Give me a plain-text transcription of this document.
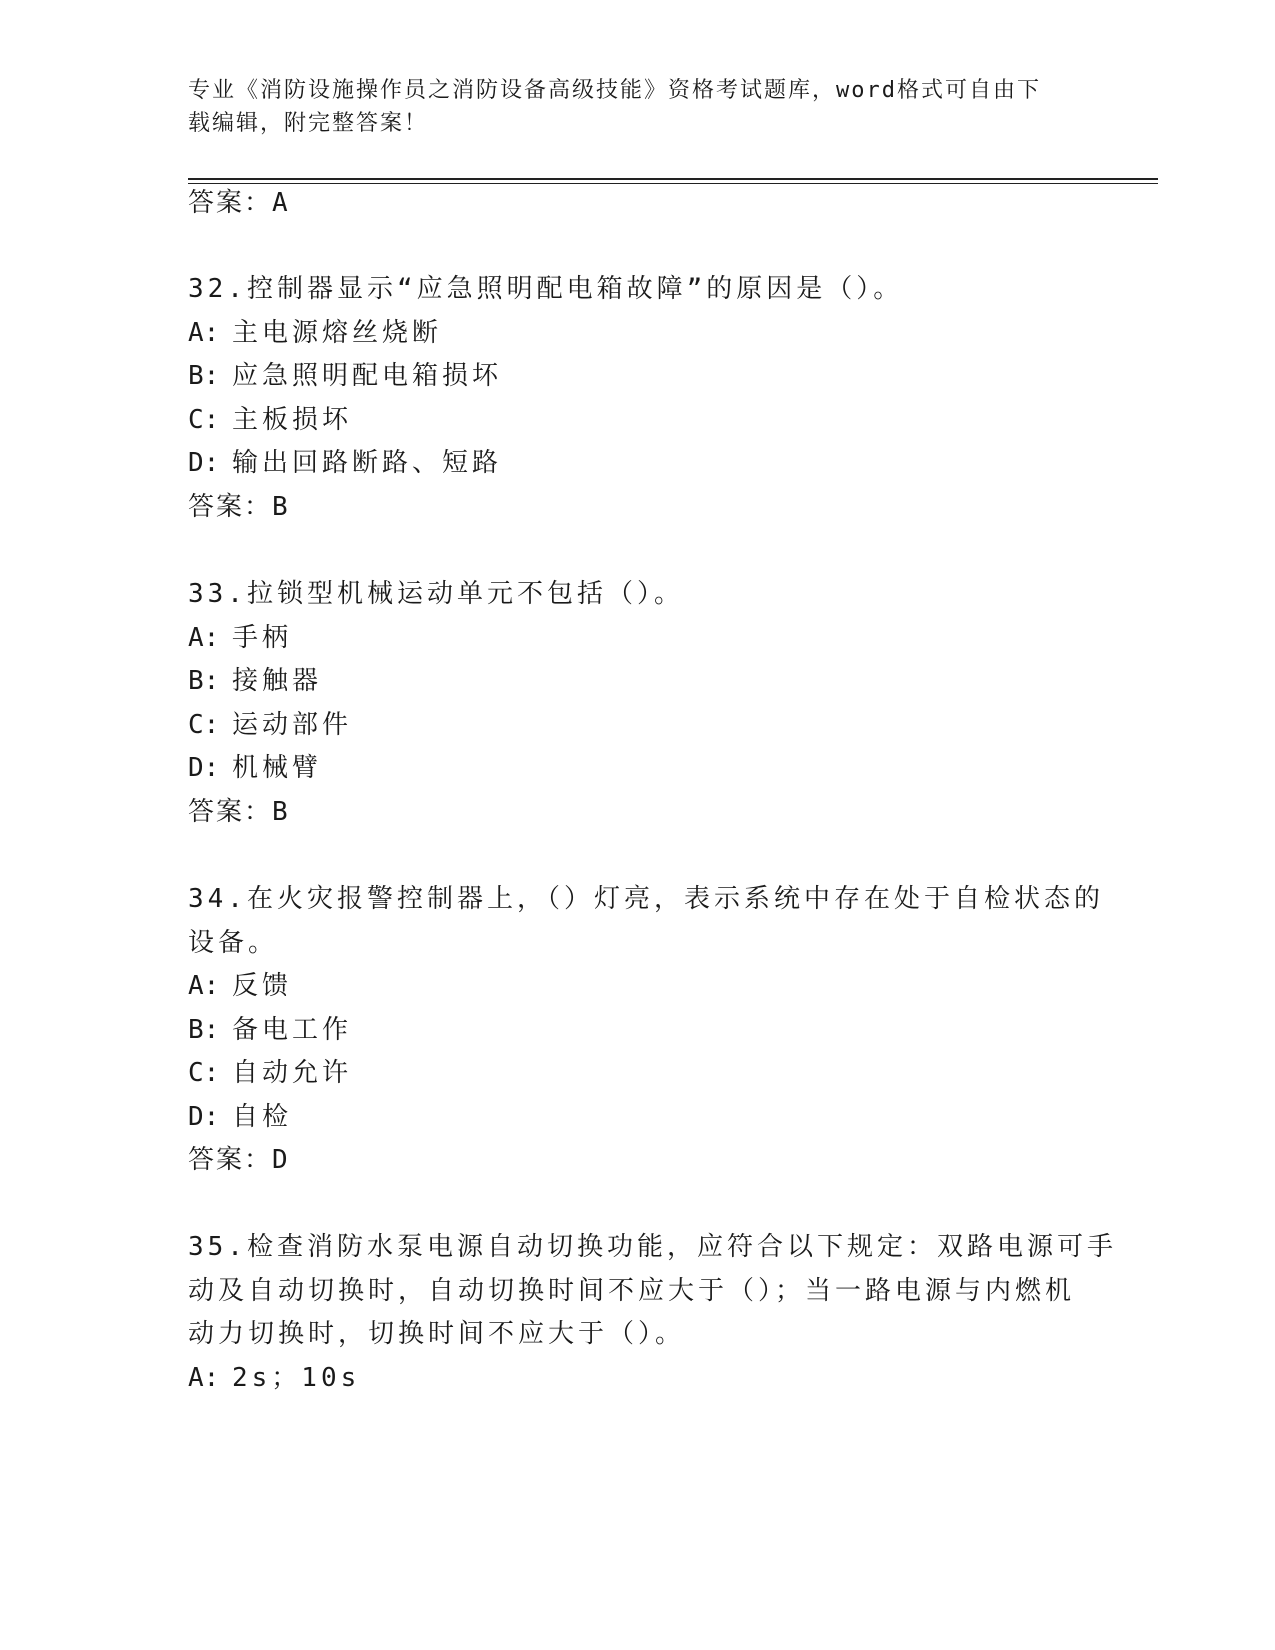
专业《消防设施操作员之消防设备高级技能》资格考试题库，word格式可自由下
载编辑，附完整答案！
答案：A
32.控制器显示“应急照明配电箱故障”的原因是（）。
A: 主电源熔丝烧断
B: 应急照明配电箱损坏
C: 主板损坏
D: 输出回路断路、短路
答案：B
33.拉锁型机械运动单元不包括（）。
A: 手柄
B: 接触器
C: 运动部件
D: 机械臂
答案：B
34.在火灾报警控制器上，（）灯亮，表示系统中存在处于自检状态的
设备。
A: 反馈
B: 备电工作
C: 自动允许
D: 自检
答案：D
35.检查消防水泵电源自动切换功能，应符合以下规定：双路电源可手
动及自动切换时，自动切换时间不应大于（）；当一路电源与内燃机
动力切换时，切换时间不应大于（）。
A: 2s；10s
